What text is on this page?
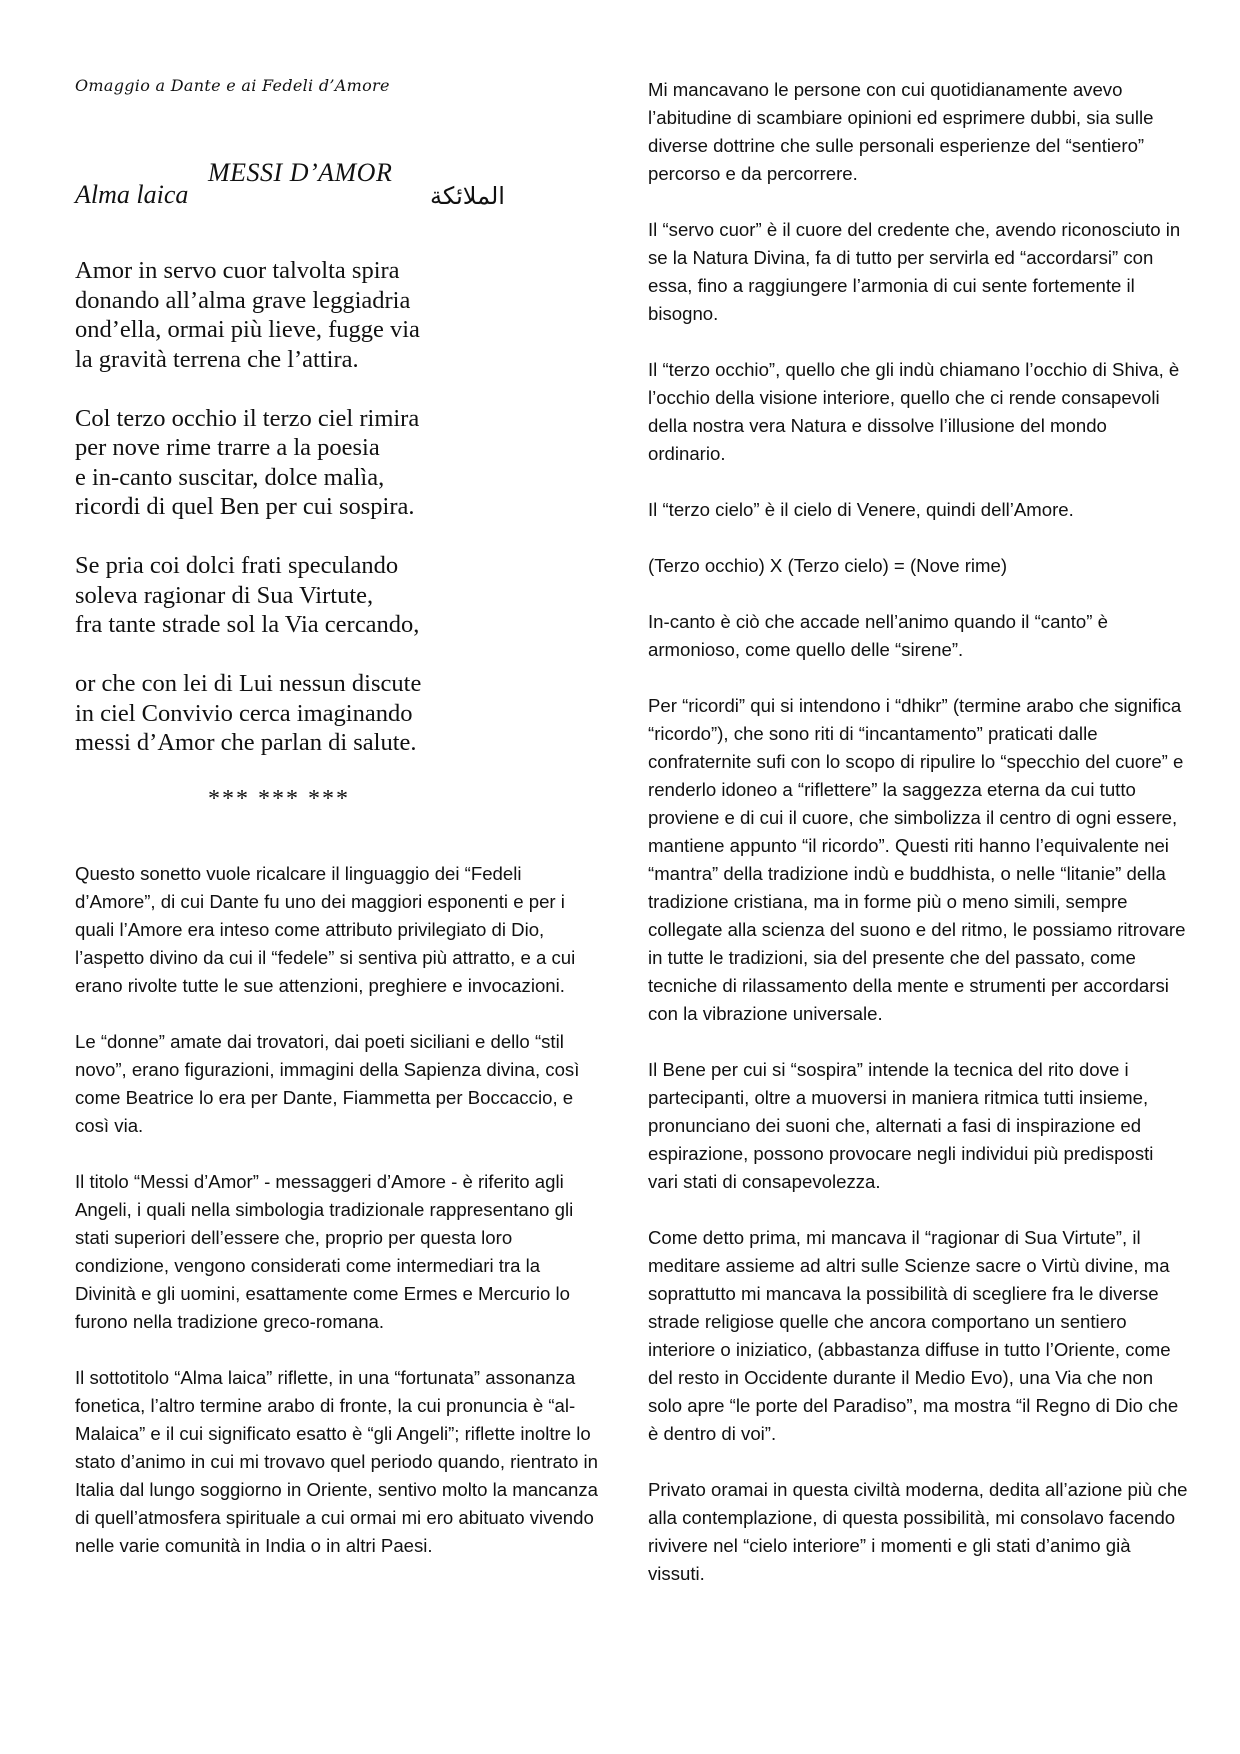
Omaggio a Dante e ai Fedeli d’Amore
Alma laica
MESSI D’AMOR
الملائكة
Amor in servo cuor talvolta spira
donando all’alma grave leggiadria
ond’ella, ormai più lieve, fugge via
la gravità terrena che l’attira.
Col terzo occhio il terzo ciel rimira
per nove rime trarre a la poesia
e in-canto suscitar, dolce malìa,
ricordi di quel Ben per cui sospira.
Se pria coi dolci frati speculando
soleva ragionar di Sua Virtute,
fra tante strade sol la Via cercando,
or che con lei di Lui nessun discute
in ciel Convivio cerca imaginando
messi d’Amor che parlan di salute.
*** *** ***

Questo sonetto vuole ricalcare il linguaggio dei “Fedeli d’Amore”, di cui Dante fu uno dei maggiori esponenti e per i quali l’Amore era inteso come attributo privilegiato di Dio, l’aspetto divino da cui il “fedele” si sentiva più attratto, e a cui erano rivolte tutte le sue attenzioni, preghiere e invocazioni.

Le “donne” amate dai trovatori, dai poeti siciliani e dello “stil novo”, erano figurazioni, immagini della Sapienza divina, così come Beatrice lo era per Dante, Fiammetta per Boccaccio, e così via.

Il titolo “Messi d’Amor” - messaggeri d’Amore - è riferito agli Angeli, i quali nella simbologia tradizionale rappresentano gli stati superiori dell’essere che, proprio per questa loro condizione, vengono considerati come intermediari tra la Divinità e gli uomini, esattamente come Ermes e Mercurio lo furono nella tradizione greco-romana.

Il sottotitolo “Alma laica” riflette, in una “fortunata” assonanza fonetica, l’altro termine arabo di fronte, la cui pronuncia è “al-Malaica” e il cui significato esatto è “gli Angeli”; riflette inoltre lo stato d’animo in cui mi trovavo quel periodo quando, rientrato in Italia dal lungo soggiorno in Oriente, sentivo molto la mancanza di quell’atmosfera spirituale a cui ormai mi ero abituato vivendo nelle varie comunità in India o in altri Paesi.

Mi mancavano le persone con cui quotidianamente avevo l’abitudine di scambiare opinioni ed esprimere dubbi, sia sulle diverse dottrine che sulle personali esperienze del “sentiero” percorso e da percorrere.

Il “servo cuor” è il cuore del credente che, avendo riconosciuto in se la Natura Divina, fa di tutto per servirla ed “accordarsi” con essa, fino a raggiungere l’armonia di cui sente fortemente il bisogno.

Il “terzo occhio”, quello che gli indù chiamano l’occhio di Shiva, è l’occhio della visione interiore, quello che ci rende consapevoli della nostra vera Natura e dissolve l’illusione del mondo ordinario.

Il “terzo cielo” è il cielo di Venere, quindi dell’Amore.

(Terzo occhio) X (Terzo cielo) = (Nove rime)

In-canto è ciò che accade nell’animo quando il “canto” è armonioso, come quello delle “sirene”.

Per “ricordi” qui si intendono i “dhikr” (termine arabo che significa “ricordo”), che sono riti di “incantamento” praticati dalle confraternite sufi con lo scopo di ripulire lo “specchio del cuore” e renderlo idoneo a “riflettere” la saggezza eterna da cui tutto proviene e di cui il cuore, che simbolizza il centro di ogni essere, mantiene appunto “il ricordo”. Questi riti hanno l’equivalente nei “mantra” della tradizione indù e buddhista, o nelle “litanie” della tradizione cristiana, ma in forme più o meno simili, sempre collegate alla scienza del suono e del ritmo, le possiamo ritrovare in tutte le tradizioni, sia del presente che del passato, come tecniche di rilassamento della mente e strumenti per accordarsi con la vibrazione universale.

Il Bene per cui si “sospira” intende la tecnica del rito dove i partecipanti, oltre a muoversi in maniera ritmica tutti insieme, pronunciano dei suoni che, alternati a fasi di inspirazione ed espirazione, possono provocare negli individui più predisposti vari stati di consapevolezza.

Come detto prima, mi mancava il “ragionar di Sua Virtute”, il meditare assieme ad altri sulle Scienze sacre o Virtù divine, ma soprattutto mi mancava la possibilità di scegliere fra le diverse strade religiose quelle che ancora comportano un sentiero interiore o iniziatico, (abbastanza diffuse in tutto l’Oriente, come del resto in Occidente durante il Medio Evo), una Via che non solo apre “le porte del Paradiso”, ma mostra “il Regno di Dio che è dentro di voi”.

Privato oramai in questa civiltà moderna, dedita all’azione più che alla contemplazione, di questa possibilità, mi consolavo facendo rivivere nel “cielo interiore” i momenti e gli stati d’animo già vissuti.
